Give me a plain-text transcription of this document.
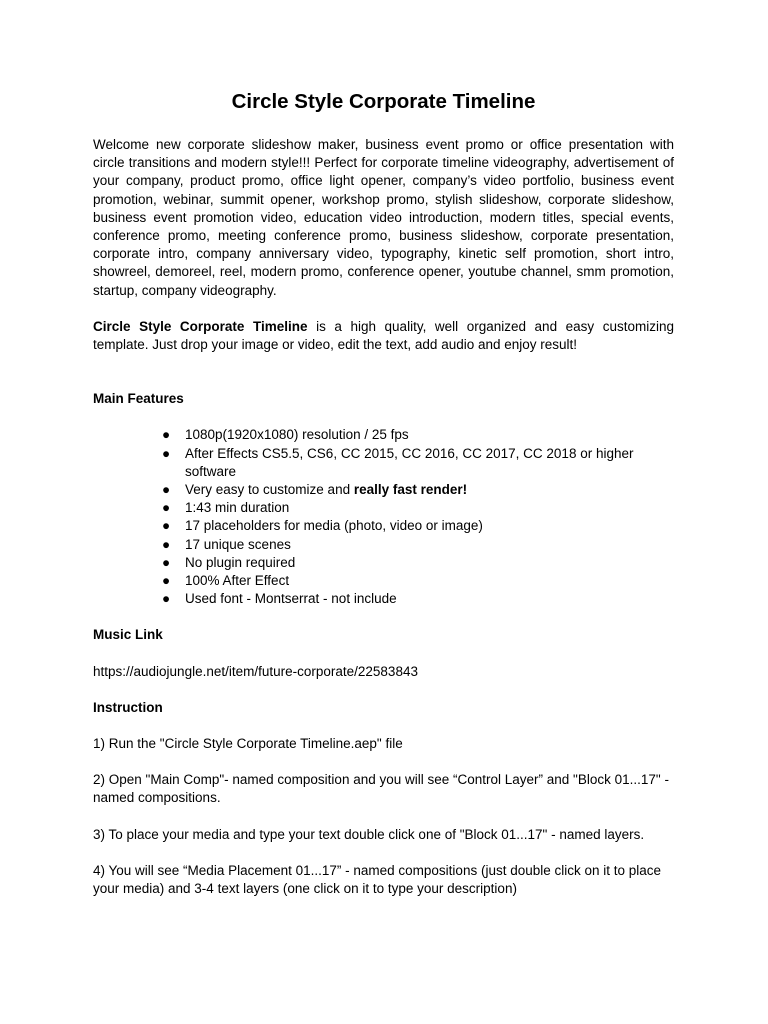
Circle Style Corporate Timeline

Welcome new corporate slideshow maker, business event promo or office presentation with circle transitions and modern style!!! Perfect for corporate timeline videography, advertisement of your company, product promo, office light opener, company’s video portfolio, business event promotion, webinar, summit opener, workshop promo, stylish slideshow, corporate slideshow, business event promotion video, education video introduction, modern titles, special events, conference promo, meeting conference promo, business slideshow, corporate presentation, corporate intro, company anniversary video, typography, kinetic self promotion, short intro, showreel, demoreel, reel, modern promo, conference opener, youtube channel, smm promotion, startup, company videography.

Circle Style Corporate Timeline is a high quality, well organized and easy customizing template. Just drop your image or video, edit the text, add audio and enjoy result!

Main Features

● 1080p(1920x1080) resolution / 25 fps
● After Effects CS5.5, CS6, CC 2015, CC 2016, CC 2017, CC 2018 or higher software
● Very easy to customize and really fast render!
● 1:43 min duration
● 17 placeholders for media (photo, video or image)
● 17 unique scenes
● No plugin required
● 100% After Effect
● Used font - Montserrat - not include

Music Link

https://audiojungle.net/item/future-corporate/22583843

Instruction

1) Run the "Circle Style Corporate Timeline.aep" file

2) Open "Main Comp"- named composition and you will see “Control Layer” and "Block 01...17" - named compositions.

3) To place your media and type your text double click one of "Block 01...17" - named layers.

4) You will see “Media Placement 01...17” - named compositions (just double click on it to place your media) and 3-4 text layers (one click on it to type your description)
